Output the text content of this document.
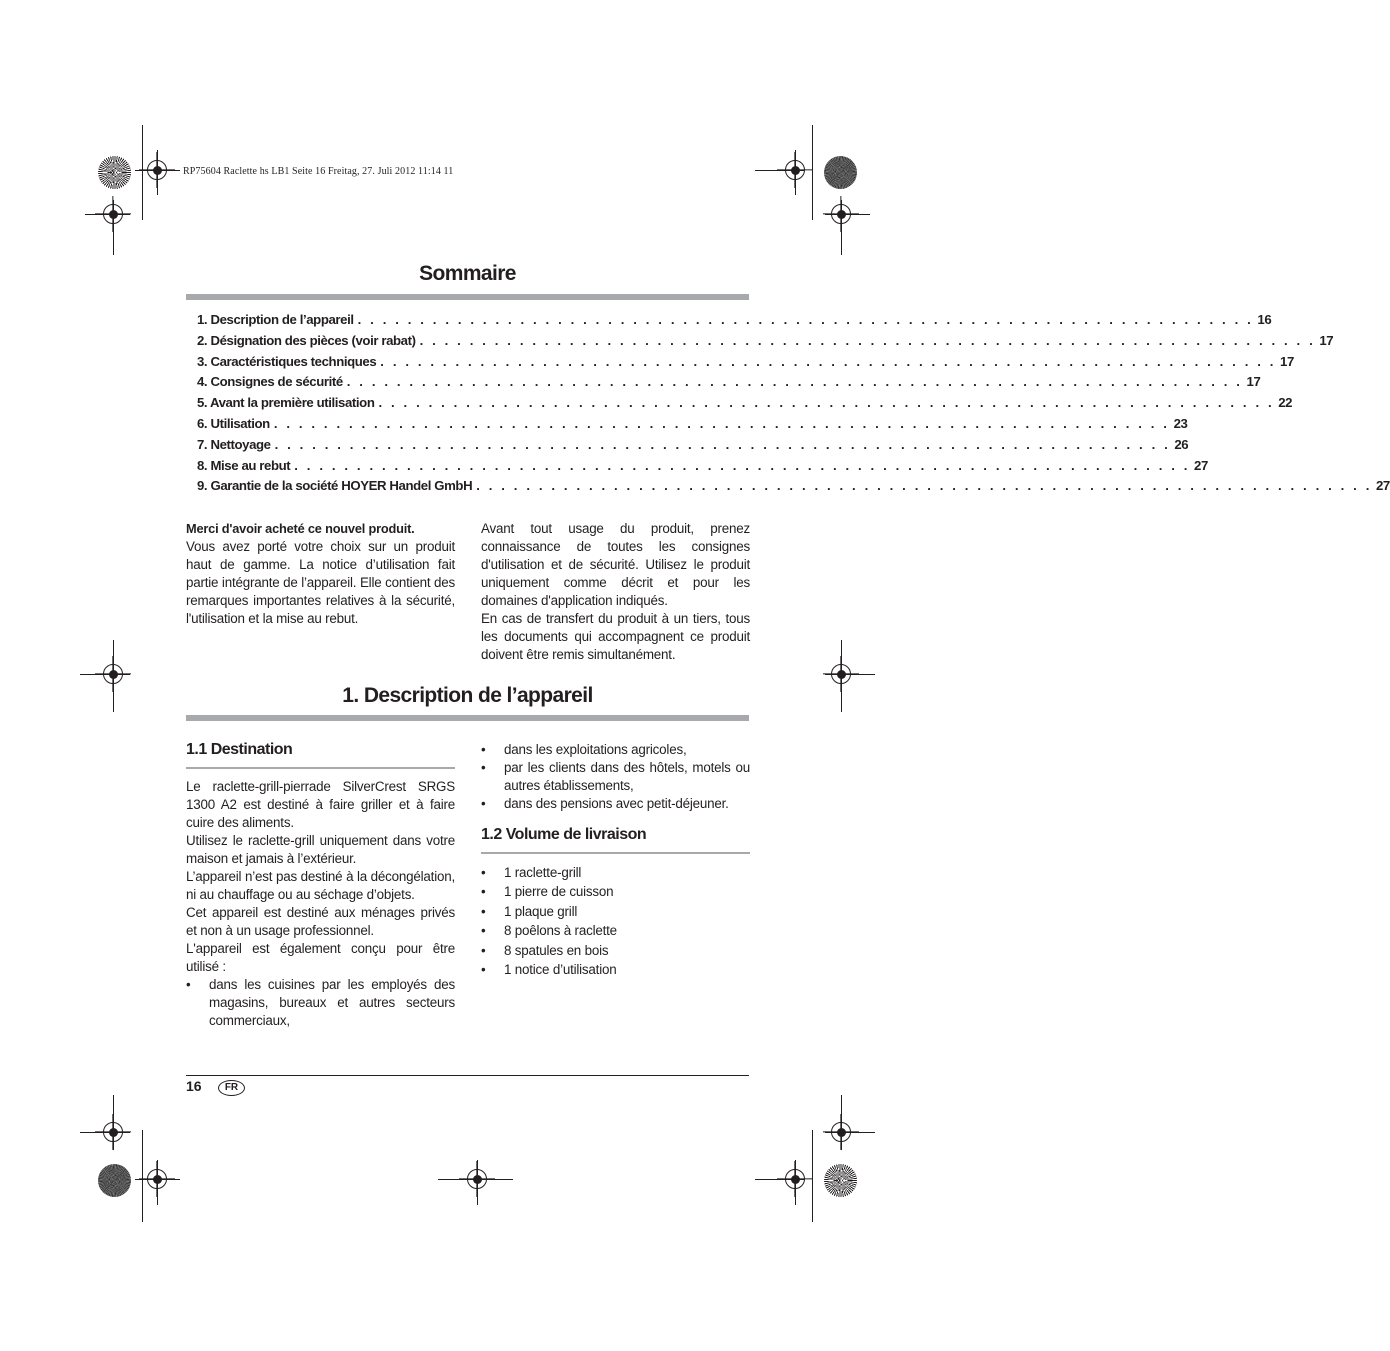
RP75604 Raclette hs LB1 Seite 16 Freitag, 27. Juli 2012 11:14 11
Sommaire
1. Description de l’appareil . . . . . . . . . . . . . . . . . . . . . . . . . . . . . . . . . . . . . . . . . . . . . . . . . . . . . . . . . . . . . . . . . . . . . . . . 16
2. Désignation des pièces (voir rabat) . . . . . . . . . . . . . . . . . . . . . . . . . . . . . . . . . . . . . . . . . . . . . . . . . . . . . . . . . . . . . . . . . . . . . . . . 17
3. Caractéristiques techniques . . . . . . . . . . . . . . . . . . . . . . . . . . . . . . . . . . . . . . . . . . . . . . . . . . . . . . . . . . . . . . . . . . . . . . . . 17
4. Consignes de sécurité . . . . . . . . . . . . . . . . . . . . . . . . . . . . . . . . . . . . . . . . . . . . . . . . . . . . . . . . . . . . . . . . . . . . . . . . 17
5. Avant la première utilisation . . . . . . . . . . . . . . . . . . . . . . . . . . . . . . . . . . . . . . . . . . . . . . . . . . . . . . . . . . . . . . . . . . . . . . . . 22
6. Utilisation . . . . . . . . . . . . . . . . . . . . . . . . . . . . . . . . . . . . . . . . . . . . . . . . . . . . . . . . . . . . . . . . . . . . . . . . 23
7. Nettoyage . . . . . . . . . . . . . . . . . . . . . . . . . . . . . . . . . . . . . . . . . . . . . . . . . . . . . . . . . . . . . . . . . . . . . . . . 26
8. Mise au rebut . . . . . . . . . . . . . . . . . . . . . . . . . . . . . . . . . . . . . . . . . . . . . . . . . . . . . . . . . . . . . . . . . . . . . . . . 27
9. Garantie de la société HOYER Handel GmbH . . . . . . . . . . . . . . . . . . . . . . . . . . . . . . . . . . . . . . . . . . . . . . . . . . . . . . . . . . . . . . . . . . . . . . . . 27

Merci d'avoir acheté ce nouvel produit.

Vous avez porté votre choix sur un produit haut de gamme. La notice d’utilisation fait partie intégrante de l’appareil. Elle contient des remarques importantes relatives à la sécurité, l'utilisation et la mise au rebut.

Avant tout usage du produit, prenez connaissance de toutes les consignes d'utilisation et de sécurité. Utilisez le produit uniquement comme décrit et pour les domaines d'application indiqués.

En cas de transfert du produit à un tiers, tous les documents qui accompagnent ce produit doivent être remis simultanément.

1. Description de l’appareil
1.1 Destination

Le raclette-grill-pierrade SilverCrest SRGS 1300 A2 est destiné à faire griller et à faire cuire des aliments.

Utilisez le raclette-grill uniquement dans votre maison et jamais à l’extérieur.

L’appareil n’est pas destiné à la décongélation, ni au chauffage ou au séchage d’objets.

Cet appareil est destiné aux ménages privés et non à un usage professionnel.

L'appareil est également conçu pour être utilisé :

• dans les cuisines par les employés des magasins, bureaux et autres secteurs commerciaux,
• dans les exploitations agricoles,
• par les clients dans des hôtels, motels ou autres établissements,
• dans des pensions avec petit-déjeuner.
1.2 Volume de livraison
• 1 raclette-grill
• 1 pierre de cuisson
• 1 plaque grill
• 8 poêlons à raclette
• 8 spatules en bois
• 1 notice d’utilisation
16	FR
